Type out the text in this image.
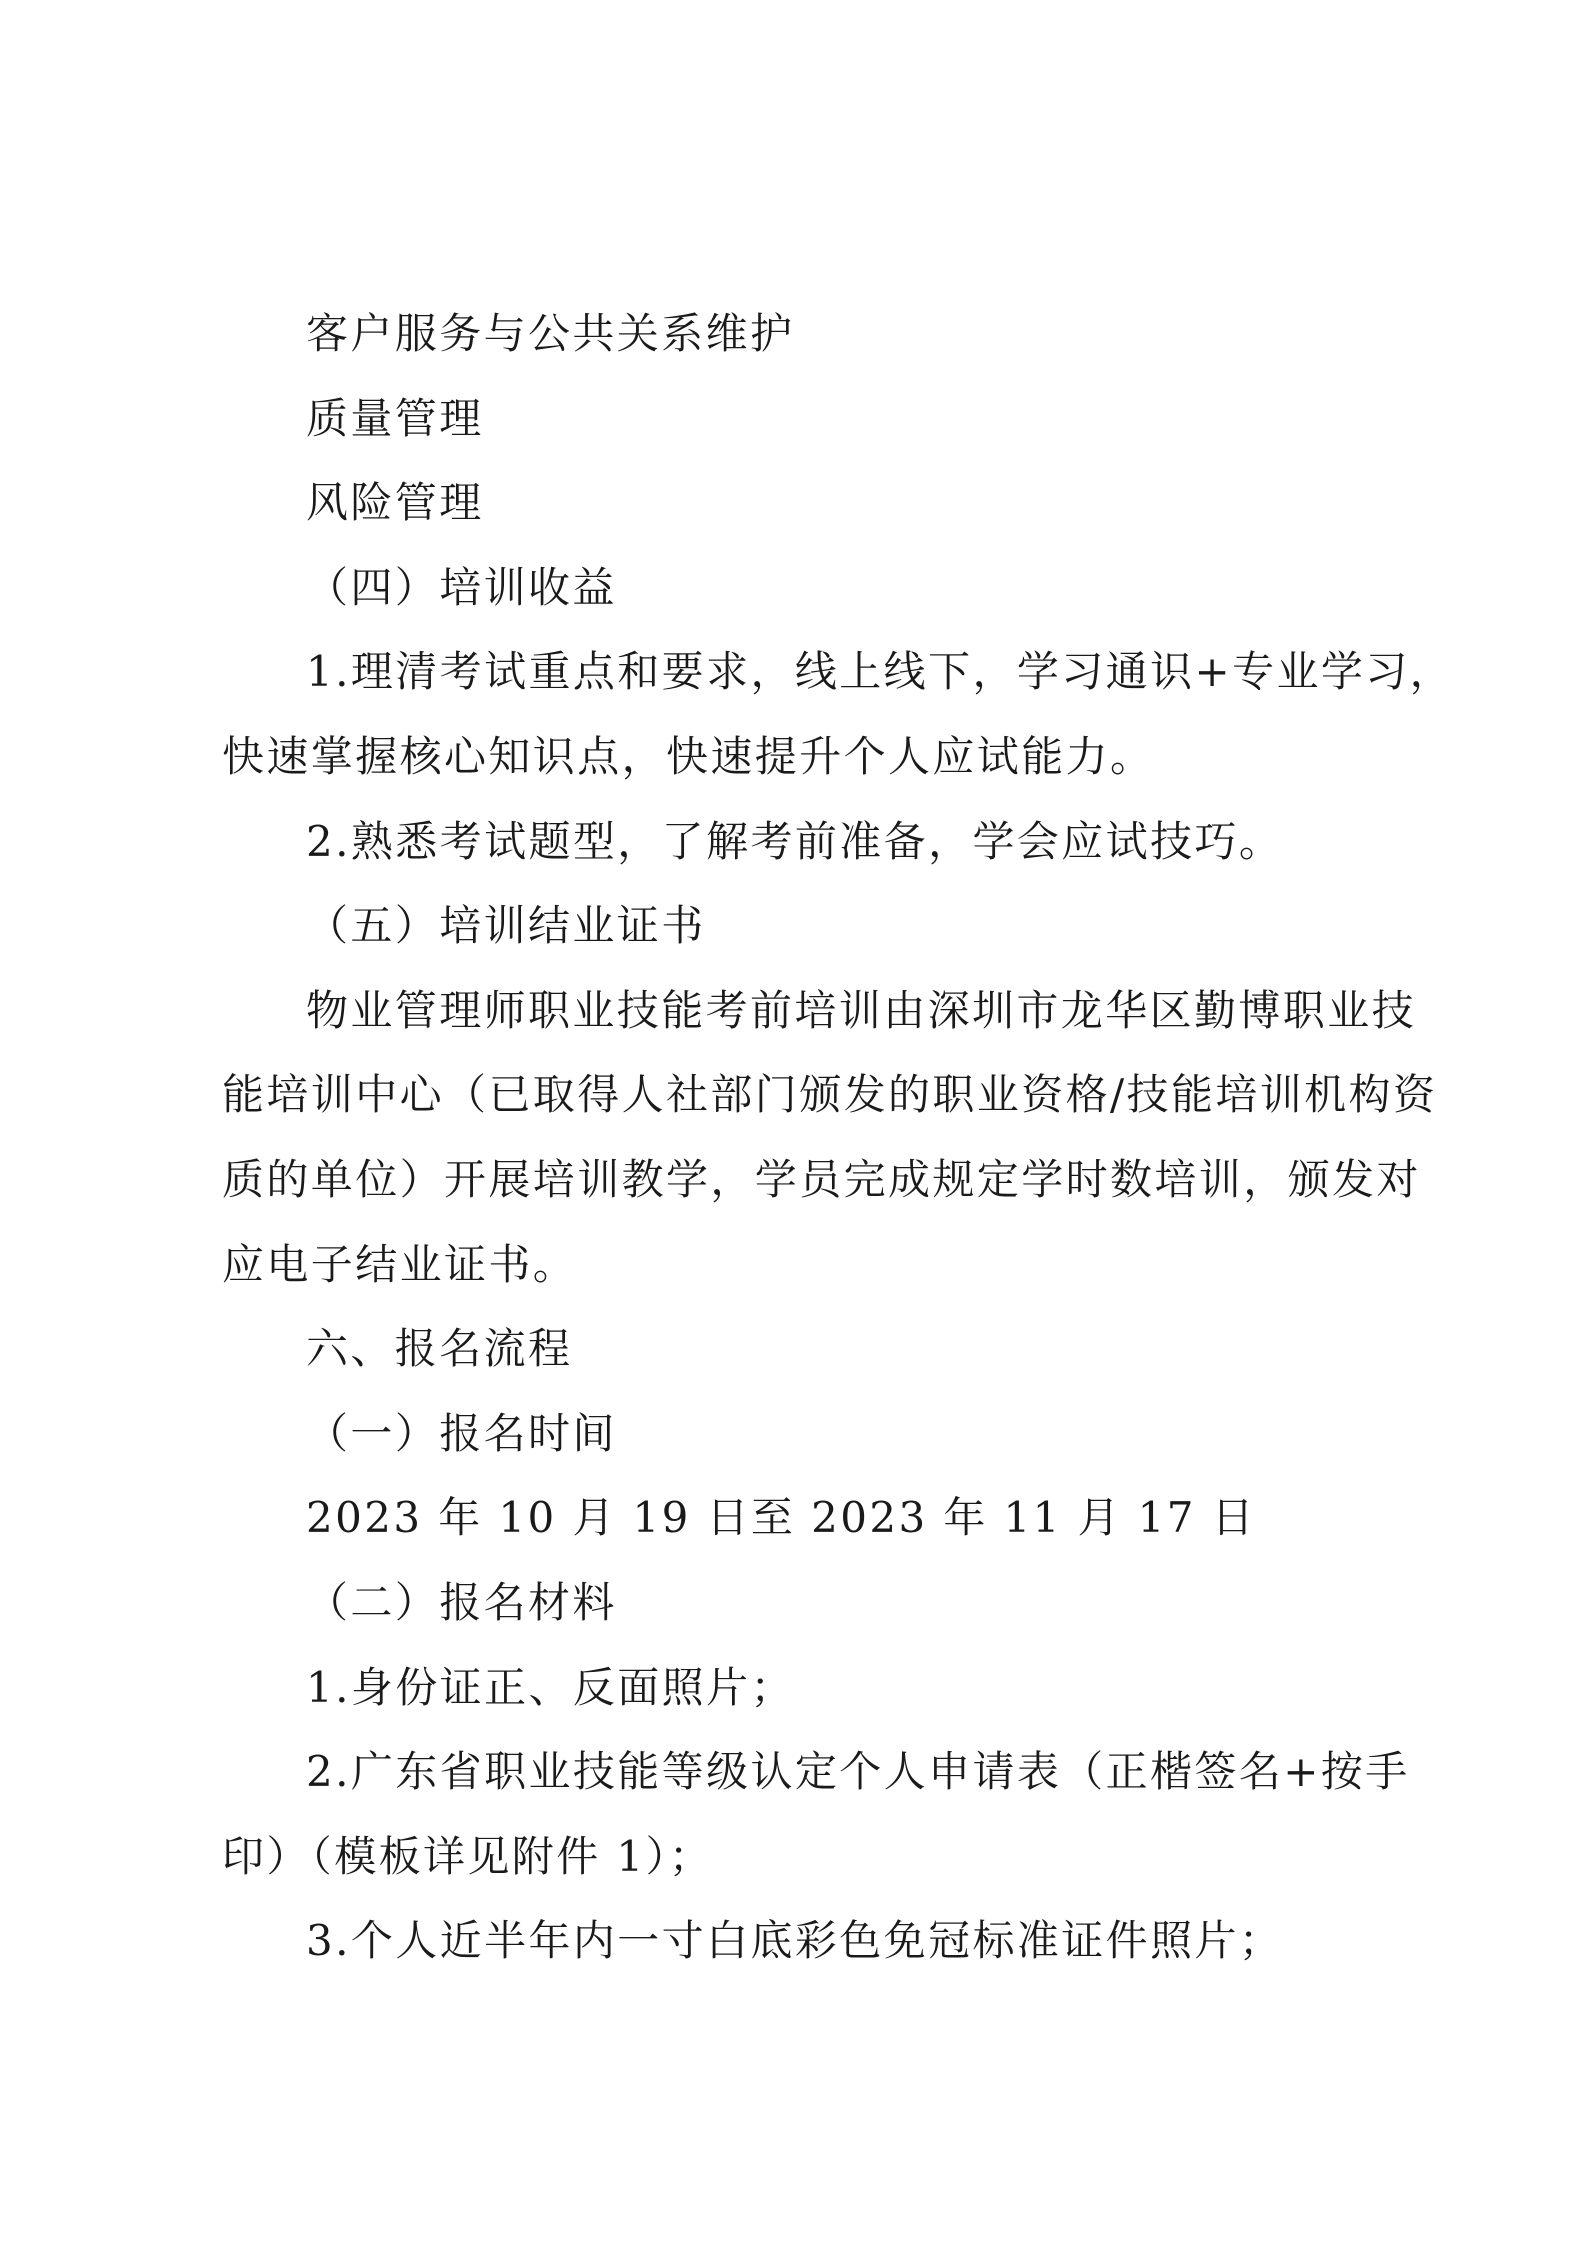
客户服务与公共关系维护
质量管理
风险管理
（四）培训收益
1.理清考试重点和要求，线上线下，学习通识+专业学习，
快速掌握核心知识点，快速提升个人应试能力。
2.熟悉考试题型，了解考前准备，学会应试技巧。
（五）培训结业证书
物业管理师职业技能考前培训由深圳市龙华区勤博职业技
能培训中心（已取得人社部门颁发的职业资格/技能培训机构资
质的单位）开展培训教学，学员完成规定学时数培训，颁发对
应电子结业证书。
六、报名流程
（一）报名时间
2023 年 10 月 19 日至 2023 年 11 月 17 日
（二）报名材料
1.身份证正、反面照片；
2.广东省职业技能等级认定个人申请表（正楷签名+按手
印）（模板详见附件 1）；
3.个人近半年内一寸白底彩色免冠标准证件照片；
